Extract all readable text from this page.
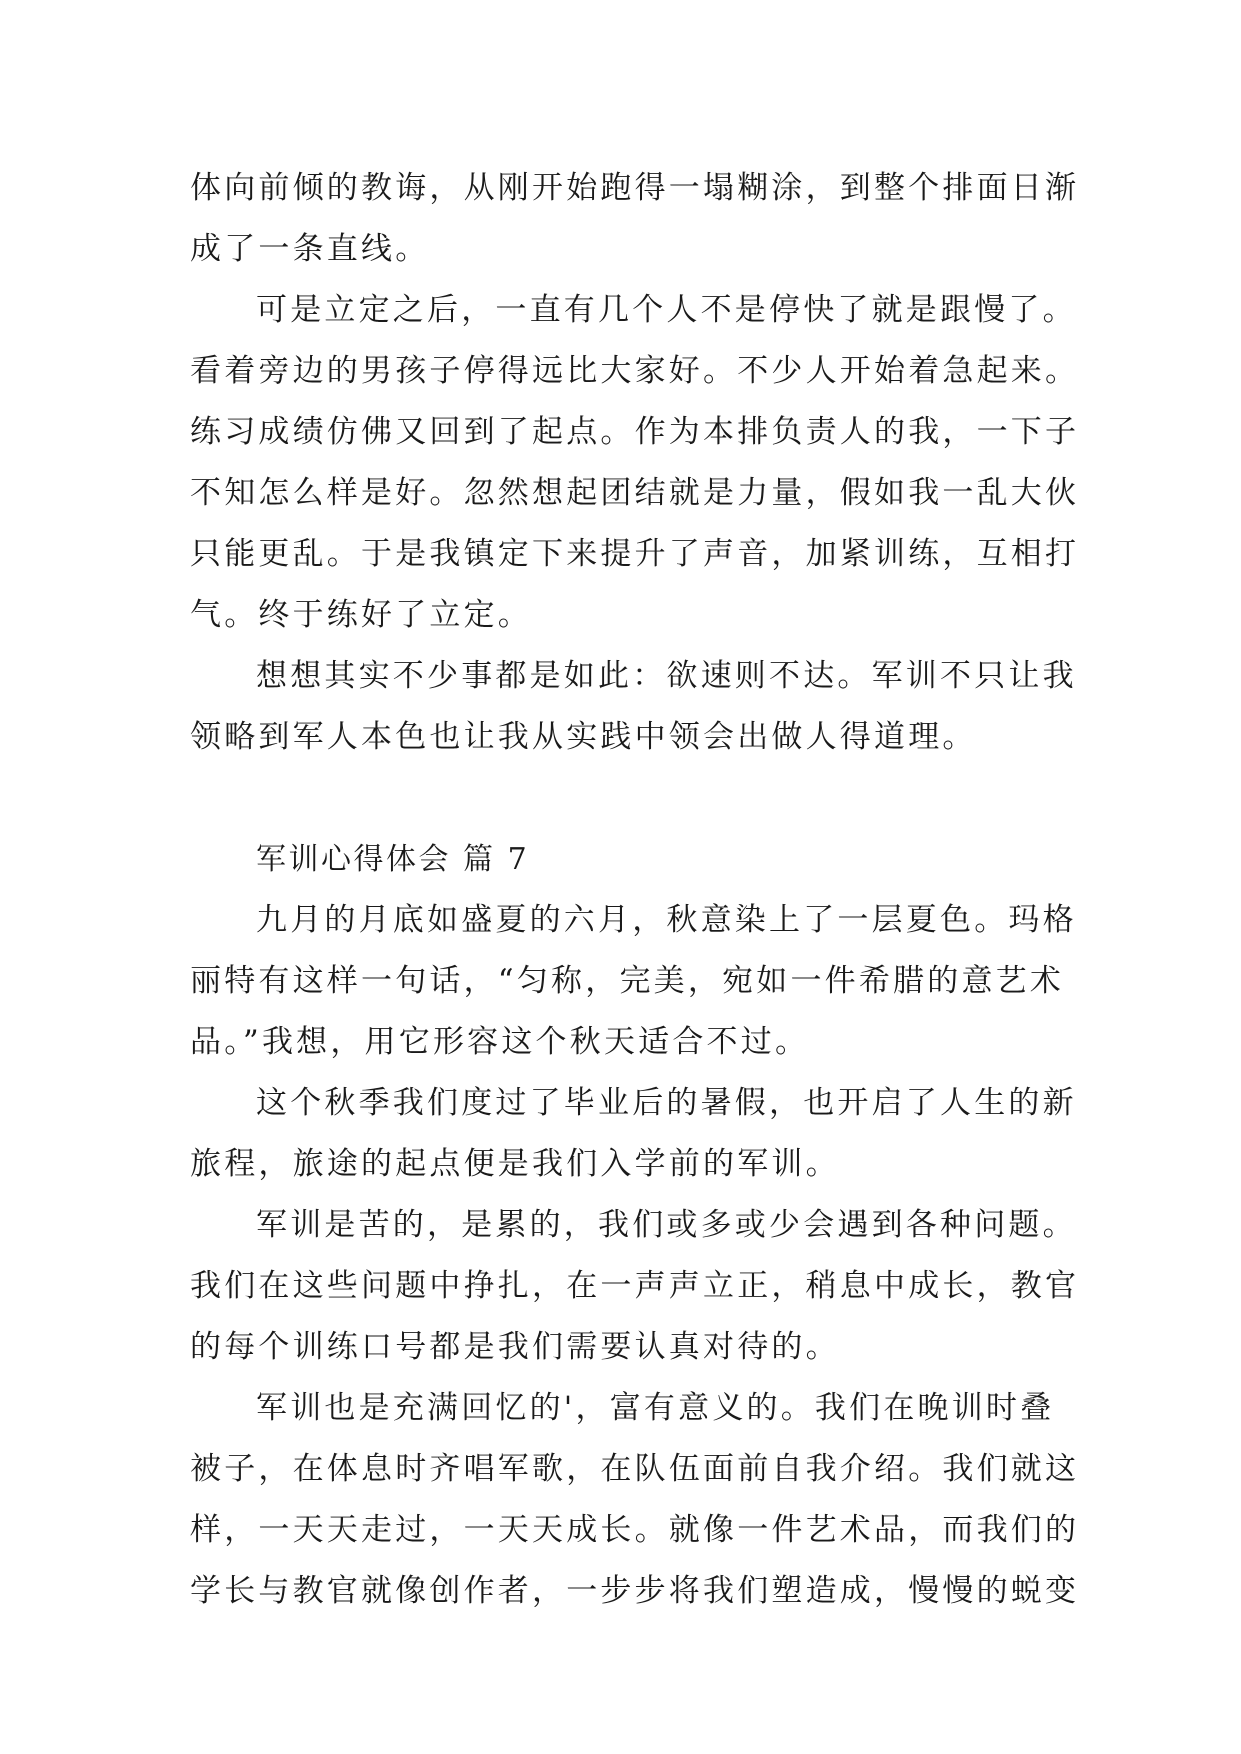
体向前倾的教诲，从刚开始跑得一塌糊涂，到整个排面日渐
成了一条直线。
可是立定之后，一直有几个人不是停快了就是跟慢了。
看着旁边的男孩子停得远比大家好。不少人开始着急起来。
练习成绩仿佛又回到了起点。作为本排负责人的我，一下子
不知怎么样是好。忽然想起团结就是力量，假如我一乱大伙
只能更乱。于是我镇定下来提升了声音，加紧训练，互相打
气。终于练好了立定。
想想其实不少事都是如此：欲速则不达。军训不只让我
领略到军人本色也让我从实践中领会出做人得道理。
军训心得体会 篇 7
九月的月底如盛夏的六月，秋意染上了一层夏色。玛格
丽特有这样一句话，“匀称，完美，宛如一件希腊的意艺术
品。”我想，用它形容这个秋天适合不过。
这个秋季我们度过了毕业后的暑假，也开启了人生的新
旅程，旅途的起点便是我们入学前的军训。
军训是苦的，是累的，我们或多或少会遇到各种问题。
我们在这些问题中挣扎，在一声声立正，稍息中成长，教官
的每个训练口号都是我们需要认真对待的。
军训也是充满回忆的'，富有意义的。我们在晚训时叠
被子，在体息时齐唱军歌，在队伍面前自我介绍。我们就这
样，一天天走过，一天天成长。就像一件艺术品，而我们的
学长与教官就像创作者，一步步将我们塑造成，慢慢的蜕变
